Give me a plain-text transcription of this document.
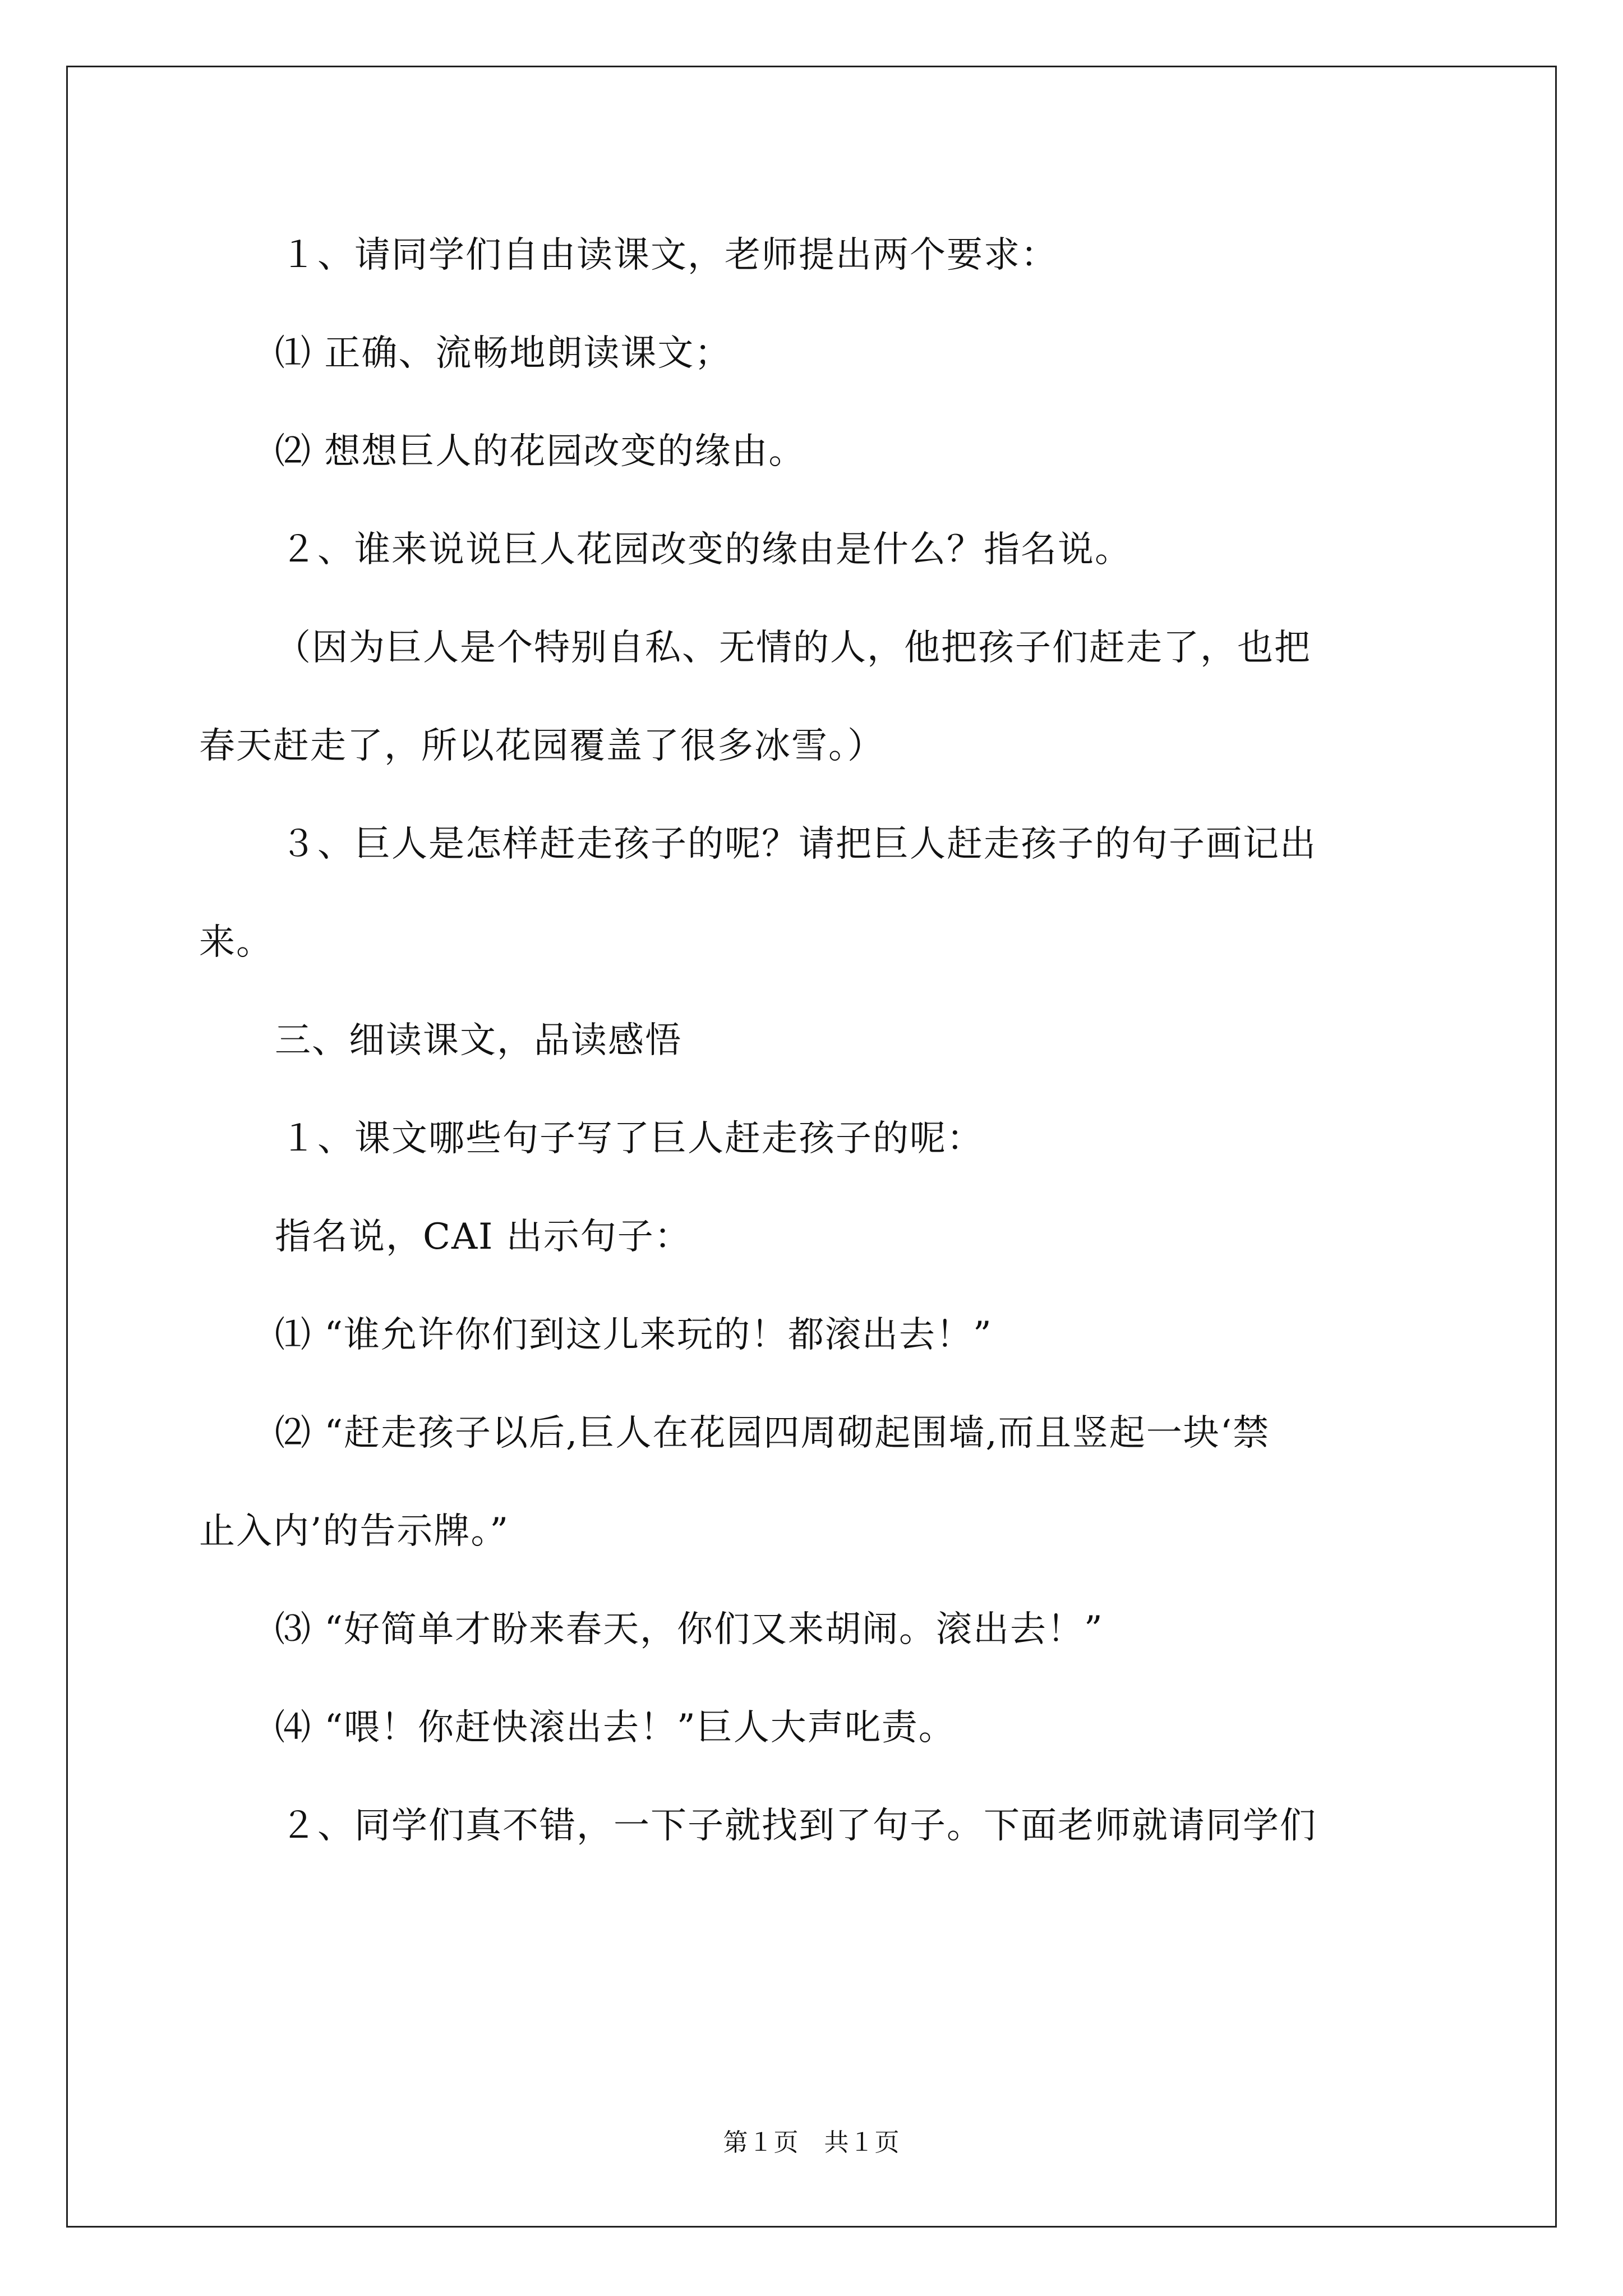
１、请同学们自由读课文，老师提出两个要求：
⑴ 正确、流畅地朗读课文；
⑵ 想想巨人的花园改变的缘由。
２、谁来说说巨人花园改变的缘由是什么？指名说。
（因为巨人是个特别自私、无情的人，他把孩子们赶走了，也把
春天赶走了，所以花园覆盖了很多冰雪。）
３、巨人是怎样赶走孩子的呢？请把巨人赶走孩子的句子画记出
来。
三、细读课文，品读感悟
１、课文哪些句子写了巨人赶走孩子的呢：
指名说，CAI 出示句子：
⑴ “谁允许你们到这儿来玩的！都滚出去！”
⑵ “赶走孩子以后,巨人在花园四周砌起围墙,而且竖起一块‘禁
止入内’的告示牌。”
⑶ “好简单才盼来春天，你们又来胡闹。滚出去！”
⑷ “喂！你赶快滚出去！”巨人大声叱责。
２、同学们真不错，一下子就找到了句子。下面老师就请同学们
第１页　共１页
